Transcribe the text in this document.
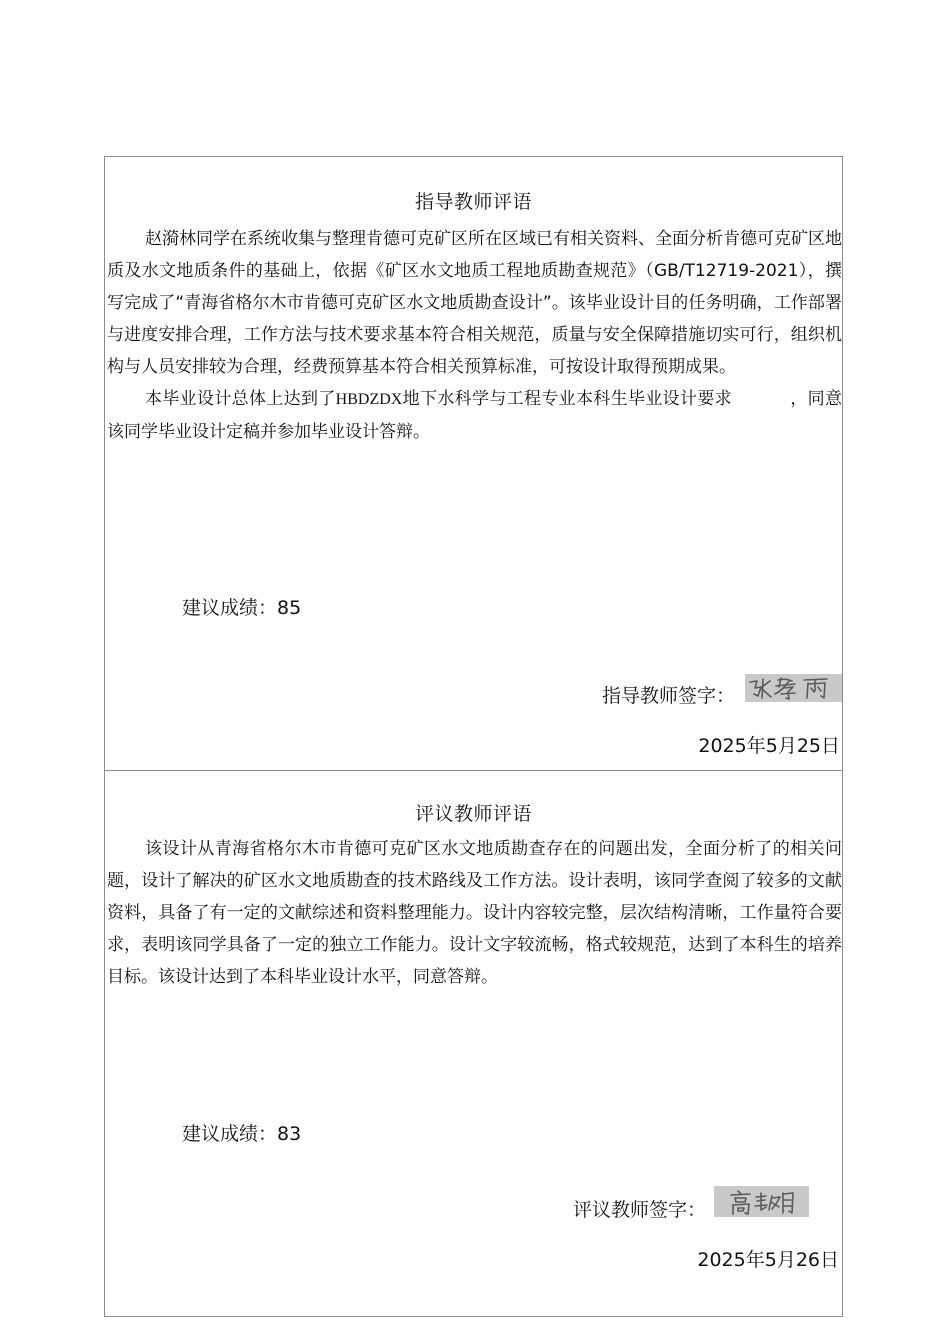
指导教师评语

赵漪林同学在系统收集与整理肯德可克矿区所在区域已有相关资料、全面分析肯德可克矿区地质及水文地质条件的基础上，依据《矿区水文地质工程地质勘查规范》（GB/T12719-2021），撰写完成了“青海省格尔木市肯德可克矿区水文地质勘查设计”。该毕业设计目的任务明确，工作部署与进度安排合理，工作方法与技术要求基本符合相关规范，质量与安全保障措施切实可行，组织机构与人员安排较为合理，经费预算基本符合相关预算标准，可按设计取得预期成果。

本毕业设计总体上达到了HBDZDX地下水科学与工程专业本科生毕业设计要求	，同意该同学毕业设计定稿并参加毕业设计答辩。

建议成绩：85
指导教师签字：
2025年5月25日
评议教师评语

该设计从青海省格尔木市肯德可克矿区水文地质勘查存在的问题出发，全面分析了的相关问题，设计了解决的矿区水文地质勘查的技术路线及工作方法。设计表明，该同学查阅了较多的文献资料，具备了有一定的文献综述和资料整理能力。设计内容较完整，层次结构清晰，工作量符合要求，表明该同学具备了一定的独立工作能力。设计文字较流畅，格式较规范，达到了本科生的培养目标。该设计达到了本科毕业设计水平，同意答辩。

建议成绩：83
评议教师签字：
2025年5月26日
